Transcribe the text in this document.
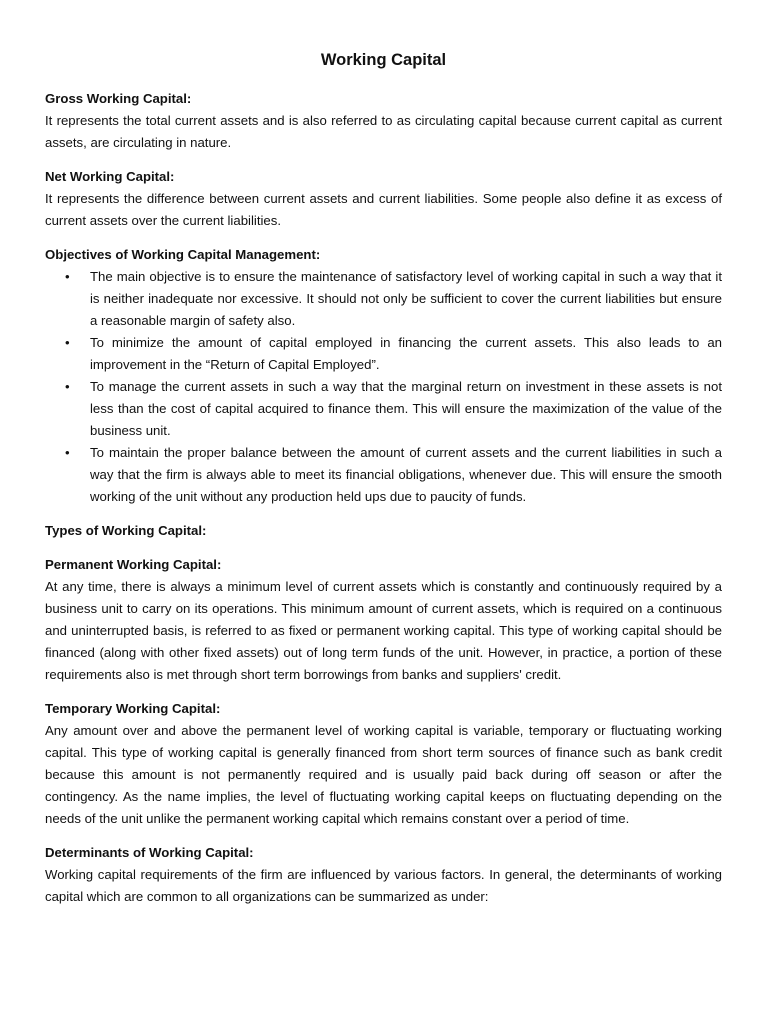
Working Capital

Gross Working Capital:

It represents the total current assets and is also referred to as circulating capital because current capital as current assets, are circulating in nature.

Net Working Capital:

It represents the difference between current assets and current liabilities. Some people also define it as excess of current assets over the current liabilities.

Objectives of Working Capital Management:

• The main objective is to ensure the maintenance of satisfactory level of working capital in such a way that it is neither inadequate nor excessive. It should not only be sufficient to cover the current liabilities but ensure a reasonable margin of safety also.
• To minimize the amount of capital employed in financing the current assets. This also leads to an improvement in the “Return of Capital Employed”.
• To manage the current assets in such a way that the marginal return on investment in these assets is not less than the cost of capital acquired to finance them. This will ensure the maximization of the value of the business unit.
• To maintain the proper balance between the amount of current assets and the current liabilities in such a way that the firm is always able to meet its financial obligations, whenever due. This will ensure the smooth working of the unit without any production held ups due to paucity of funds.

Types of Working Capital:

Permanent Working Capital:

At any time, there is always a minimum level of current assets which is constantly and continuously required by a business unit to carry on its operations. This minimum amount of current assets, which is required on a continuous and uninterrupted basis, is referred to as fixed or permanent working capital. This type of working capital should be financed (along with other fixed assets) out of long term funds of the unit. However, in practice, a portion of these requirements also is met through short term borrowings from banks and suppliers' credit.

Temporary Working Capital:

Any amount over and above the permanent level of working capital is variable, temporary or fluctuating working capital. This type of working capital is generally financed from short term sources of finance such as bank credit because this amount is not permanently required and is usually paid back during off season or after the contingency. As the name implies, the level of fluctuating working capital keeps on fluctuating depending on the needs of the unit unlike the permanent working capital which remains constant over a period of time.

Determinants of Working Capital:

Working capital requirements of the firm are influenced by various factors. In general, the determinants of working capital which are common to all organizations can be summarized as under:
